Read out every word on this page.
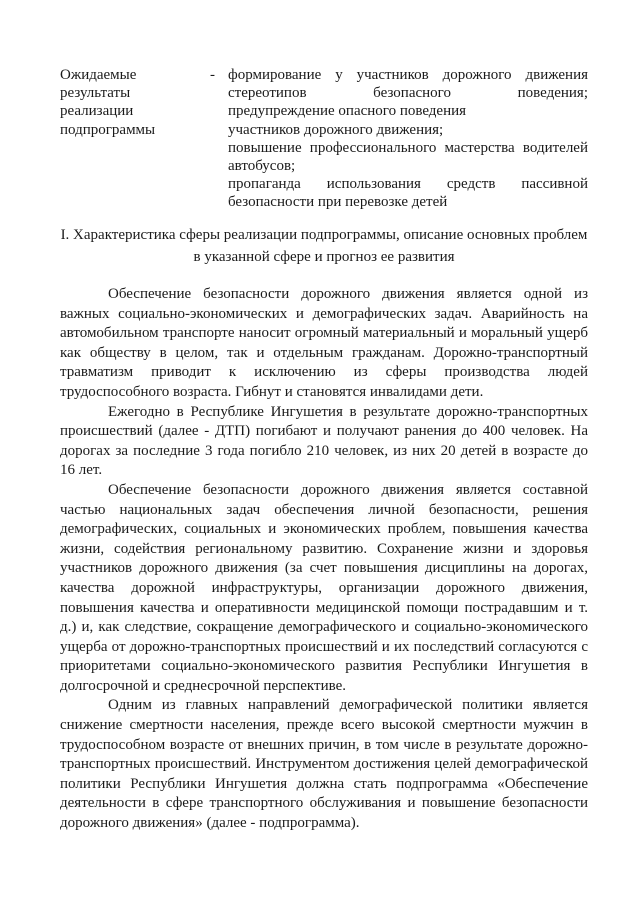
Ожидаемые
результаты
реализации
подпрограммы
- формирование у участников дорожного движения стереотипов безопасного поведения;

предупреждение опасного поведения

участников дорожного движения;

повышение профессионального мастерства водителей автобусов;

пропаганда использования средств пассивной безопасности при перевозке детей

I. Характеристика сферы реализации подпрограммы, описание основных проблем в указанной сфере и прогноз ее развития

Обеспечение безопасности дорожного движения является одной из важных социально-экономических и демографических задач. Аварийность на автомобильном транспорте наносит огромный материальный и моральный ущерб как обществу в целом, так и отдельным гражданам. Дорожно-транспортный травматизм приводит к исключению из сферы производства людей трудоспособного возраста. Гибнут и становятся инвалидами дети.

Ежегодно в Республике Ингушетия в результате дорожно-транспортных происшествий (далее - ДТП) погибают и получают ранения до 400 человек. На дорогах за последние 3 года погибло 210 человек, из них 20 детей в возрасте до 16 лет.

Обеспечение безопасности дорожного движения является составной частью национальных задач обеспечения личной безопасности, решения демографических, социальных и экономических проблем, повышения качества жизни, содействия региональному развитию. Сохранение жизни и здоровья участников дорожного движения (за счет повышения дисциплины на дорогах, качества дорожной инфраструктуры, организации дорожного движения, повышения качества и оперативности медицинской помощи пострадавшим и т. д.) и, как следствие, сокращение демографического и социально-экономического ущерба от дорожно-транспортных происшествий и их последствий согласуются с приоритетами социально-экономического развития Республики Ингушетия в долгосрочной и среднесрочной перспективе.

Одним из главных направлений демографической политики является снижение смертности населения, прежде всего высокой смертности мужчин в трудоспособном возрасте от внешних причин, в том числе в результате дорожно-транспортных происшествий. Инструментом достижения целей демографической политики Республики Ингушетия должна стать подпрограмма «Обеспечение деятельности в сфере транспортного обслуживания и повышение безопасности дорожного движения» (далее - подпрограмма).
